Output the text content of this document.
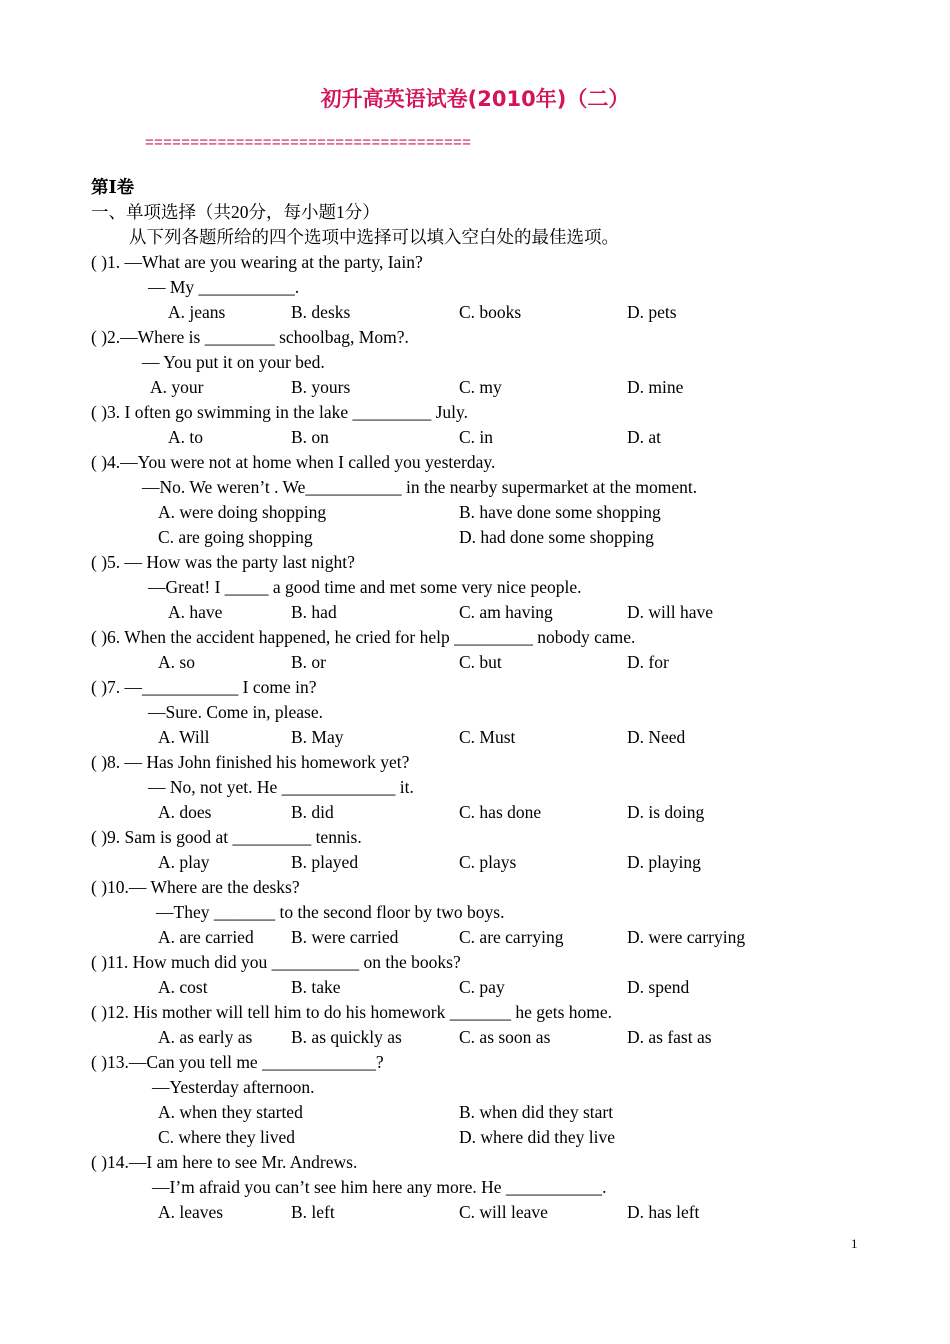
初升高英语试卷(2010年)（二）
====================================
第Ⅰ卷
一、单项选择（共20分，每小题1分）
从下列各题所给的四个选项中选择可以填入空白处的最佳选项。
( )1. —What are you wearing at the party, Iain?
— My ___________.
A. jeans	B. desks	C. books	D. pets
( )2.—Where is ________ schoolbag, Mom?.
— You put it on your bed.
A. your	B. yours	C. my	D. mine
( )3. I often go swimming in the lake _________ July.
A. to	B. on	C. in	D. at
( )4.—You were not at home when I called you yesterday.
—No. We weren’t . We___________ in the nearby supermarket at the moment.
A. were doing shopping	B. have done some shopping
C. are going shopping	D. had done some shopping
( )5. — How was the party last night?
—Great! I _____ a good time and met some very nice people.
A. have	B. had	C. am having	D. will have
( )6. When the accident happened, he cried for help _________ nobody came.
A. so	B. or	C. but	D. for
( )7. —___________ I come in?
—Sure. Come in, please.
A. Will	B. May	C. Must	D. Need
( )8. — Has John finished his homework yet?
— No, not yet. He _____________ it.
A. does	B. did	C. has done	D. is doing
( )9. Sam is good at _________ tennis.
A. play	B. played	C. plays	D. playing
( )10.— Where are the desks?
—They _______ to the second floor by two boys.
A. are carried B. were carried	C. are carrying	D. were carrying
( )11. How much did you __________ on the books?
A. cost	B. take	C. pay	D. spend
( )12. His mother will tell him to do his homework _______ he gets home.
A. as early as B. as quickly as	C. as soon as	D. as fast as
( )13.—Can you tell me _____________?
—Yesterday afternoon.
A. when they started	B. when did they start
C. where they lived	D. where did they live
( )14.—I am here to see Mr. Andrews.
—I’m afraid you can’t see him here any more. He ___________.
A. leaves	B. left	C. will leave	D. has left
1
